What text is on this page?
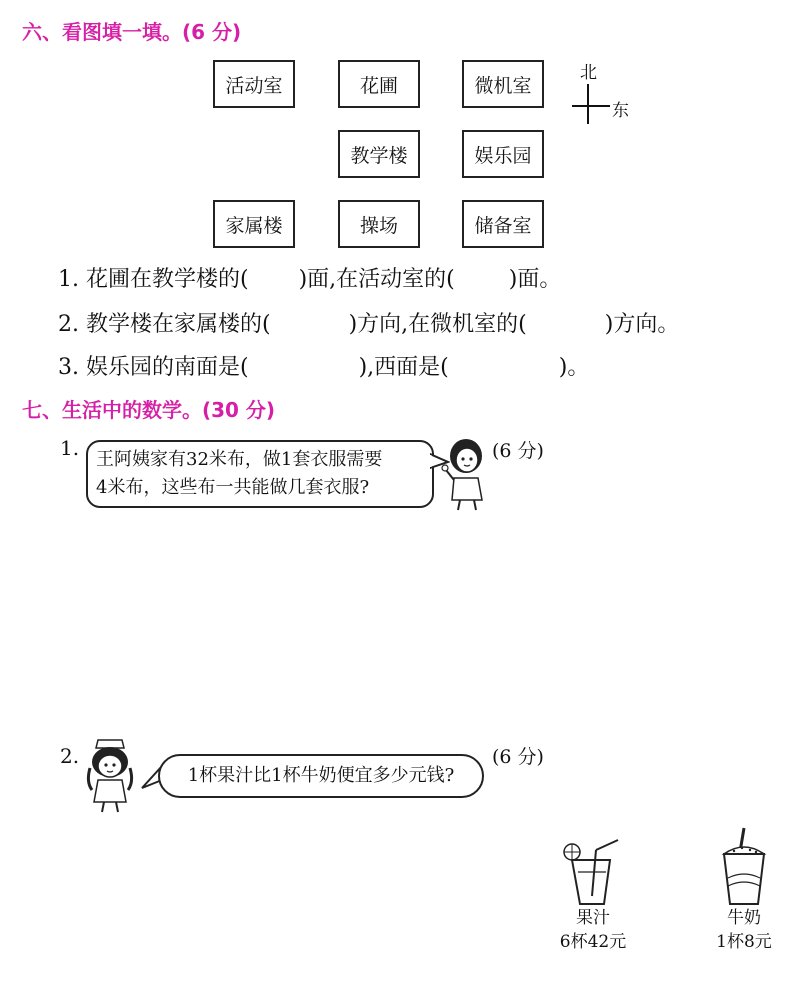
六、看图填一填。(6 分)
活动室	花圃	微机室
教学楼	娱乐园
家属楼	操场	储备室
北
东
1. 花圃在教学楼的( )面,在活动室的( )面。
2. 教学楼在家属楼的(	)方向,在微机室的(	)方向。
3. 娱乐园的南面是(	),西面是(	)。
七、生活中的数学。(30 分)
1. 王阿姨家有32米布，做1套衣服需要
4米布，这些布一共能做几套衣服?
(6 分)
2.
1杯果汁比1杯牛奶便宜多少元钱?
(6 分)
果汁
6杯42元
牛奶
1杯8元
